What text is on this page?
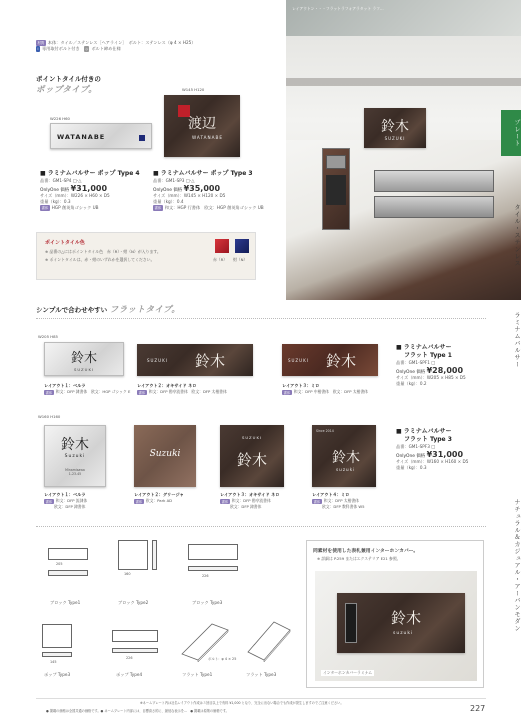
材質 本体：タイル／ステンレス［ヘアライン］　ボルト：ステンレス（φ 4 × H25）
i 専用取付ボルト付き　 ◇ ボルト締め仕様
鈴木
SUZUKI
レイアウトン・・・フラットラフォアラタット ラフ…
プレート
タイル・ステンレス
ラミナムバルサー
ナチュラル＆カジュアル・アーバンモダン
ポイントタイル付きの
ポップタイプ。
W226 H60
WATANABE
W145 H120
渡辺
WATANABE
■ ラミナムバルサー ポップ Type 4
品番：GM1-SP4 □-△
OnlyOne 価格 ¥31,000
サイズ（mm）：W226 × H60 × D5
重量（kg）：0.3
書体 HGP 創英角ゴシック UB
■ ラミナムバルサー ポップ Type 3
品番：GM1-SP3 □-△
OnlyOne 価格 ¥35,000
サイズ（mm）：W145 × H120 × D5
重量（kg）：0.4
書体 和文：HGP 行書体　欧文：HGP 創英角ゴシック UB
ポイントタイル色
※ 品番の△にはポイントタイル色　赤（R）・紺（N）が入ります。
※ ポイントタイルは、赤・紺のいずれかを選択してください。	赤（R） 紺（N）
シンプルで合わせやすい フラットタイプ。
W205 H85
鈴木
SUZUKI
SUZUKI 鈴木	SUZUKI 鈴木
レイアウト１：ベルラ
書体 和文：DFP 隷書体　欧文：HGP ゴシック E
レイアウト２：オキサイド ネロ
書体 和文：DFP 勘亭流書体　欧文：DFP 太楷書体
レイアウト３：ミロ
書体 和文：DFP 中楷書体　欧文：DFP 太楷書体
■ ラミナムバルサー
フラット Type 1
品番：GM1-SPF1 □
OnlyOne 価格 ¥28,000
サイズ（mm）：W205 × H85 × D5
重量（kg）：0.2
W160 H160
鈴木
Suzuki
Minamisawa
1-23-45
Suzuki
SUZUKI
鈴木
Since 2014
鈴木
suzuki
レイアウト１：ベルラ
書体 和文：DFP 流隷体
欧文：DFP 隷書体
レイアウト２：グリージャ
書体 欧文：Park AD
レイアウト３：オキサイド ネロ
書体 和文：DFP 勘亭流書体
欧文：DFP 隷書体
レイアウト４：ミロ
書体 和文：DFP 太楷書体
欧文：DFP 教科書体 W5
■ ラミナムバルサー
フラット Type 3
品番：GM1-SPF3 □
OnlyOne 価格 ¥31,000
サイズ（mm）：W160 × H160 × D5
重量（kg）：0.3
205
ブロック Type1
160
ブロック Type2
226
ブロック Type3
145
ポップ Type3
226
ポップ Type4	フラット Type1	フラット Type3
ボルト：φ 4 × 25
同素材を使用した表札兼用インターホンカバー。
※ 詳細は P.259 またはエクステリア E21 参照。
鈴木
suzuki
インターホンカバーラミナム
※ネームプレート内は社名レイアウト作成は３回目以上で有料 ¥1,000 となり、完全に出ない場合でも作成が発生しますのでご注意ください。
● 掲載の価格は全国共通の価格です。● ネームプレート内部には、目標高さ的に、最低な表示を…　● 掲載は原則の価格です。	227
